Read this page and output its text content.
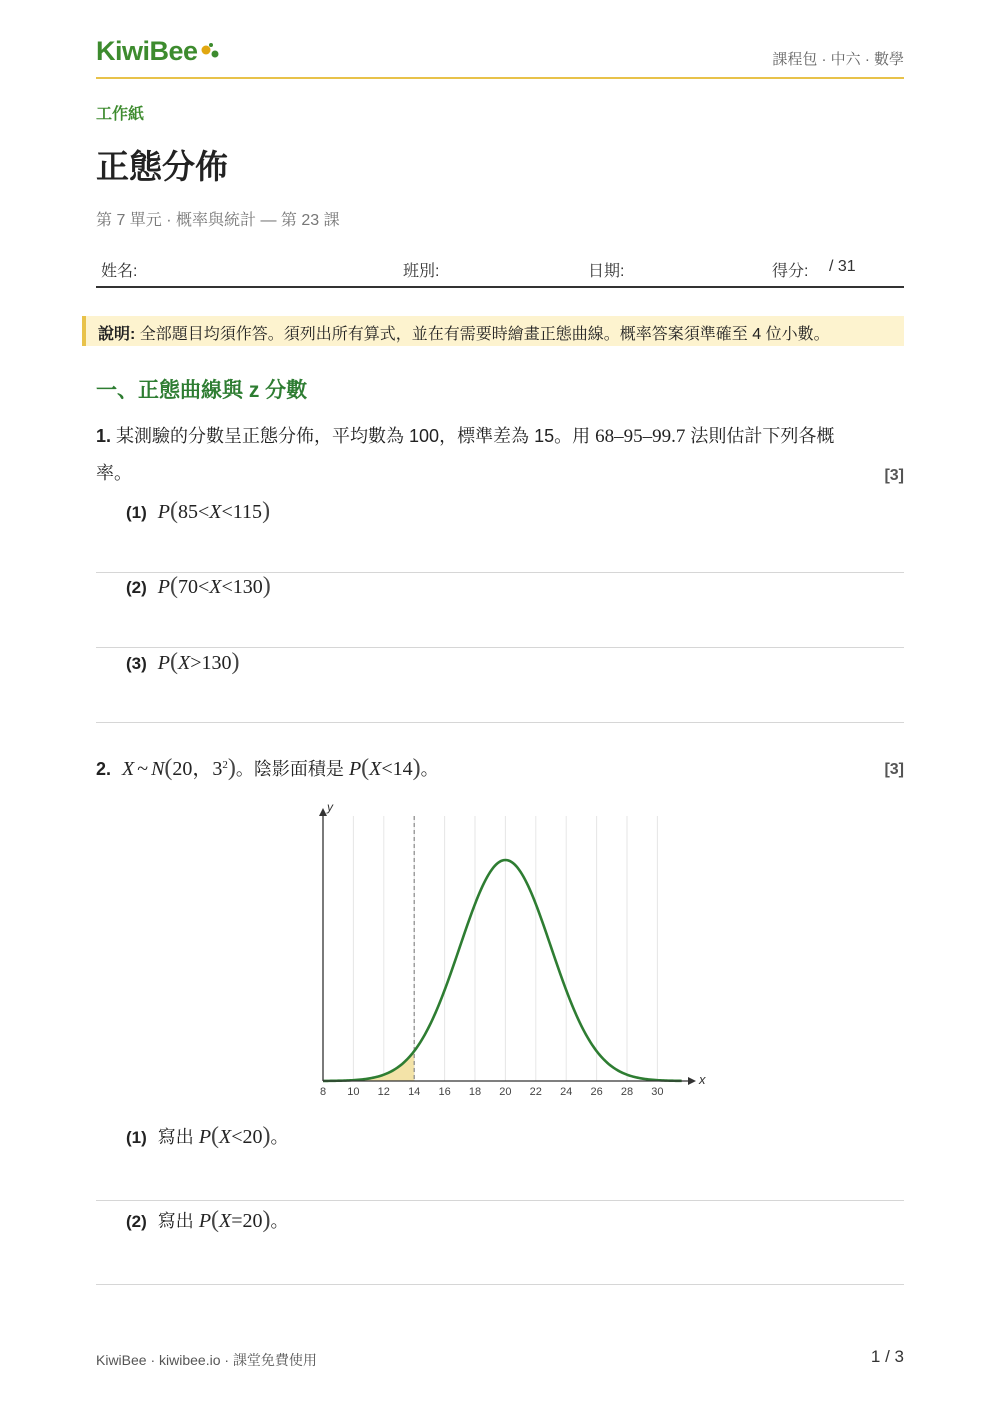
KiwiBee	課程包 · 中六 · 數學
工作紙
正態分佈
第 7 單元 · 概率與統計 — 第 23 課
姓名:	班別:	日期:	得分: / 31
說明: 全部題目均須作答。須列出所有算式，並在有需要時繪畫正態曲線。概率答案須準確至 4 位小數。
一、正態曲線與 z 分數
1. 某測驗的分數呈正態分佈，平均數為 100，標準差為 15。用 68–95–99.7 法則估計下列各概
率。	[3]
(1) P(85<X<115)
(2) P(70<X<130)
(3) P(X>130)
2. X ~ N(20，$3^2$)。陰影面積是 P(X<14)。	[3]
8 10 12 14 16 18 20 22 24 26 28 30
x
y
(1) 寫出 P(X<20)。
(2) 寫出 P(X=20)。
KiwiBee · kiwibee.io · 課堂免費使用	1 / 3
